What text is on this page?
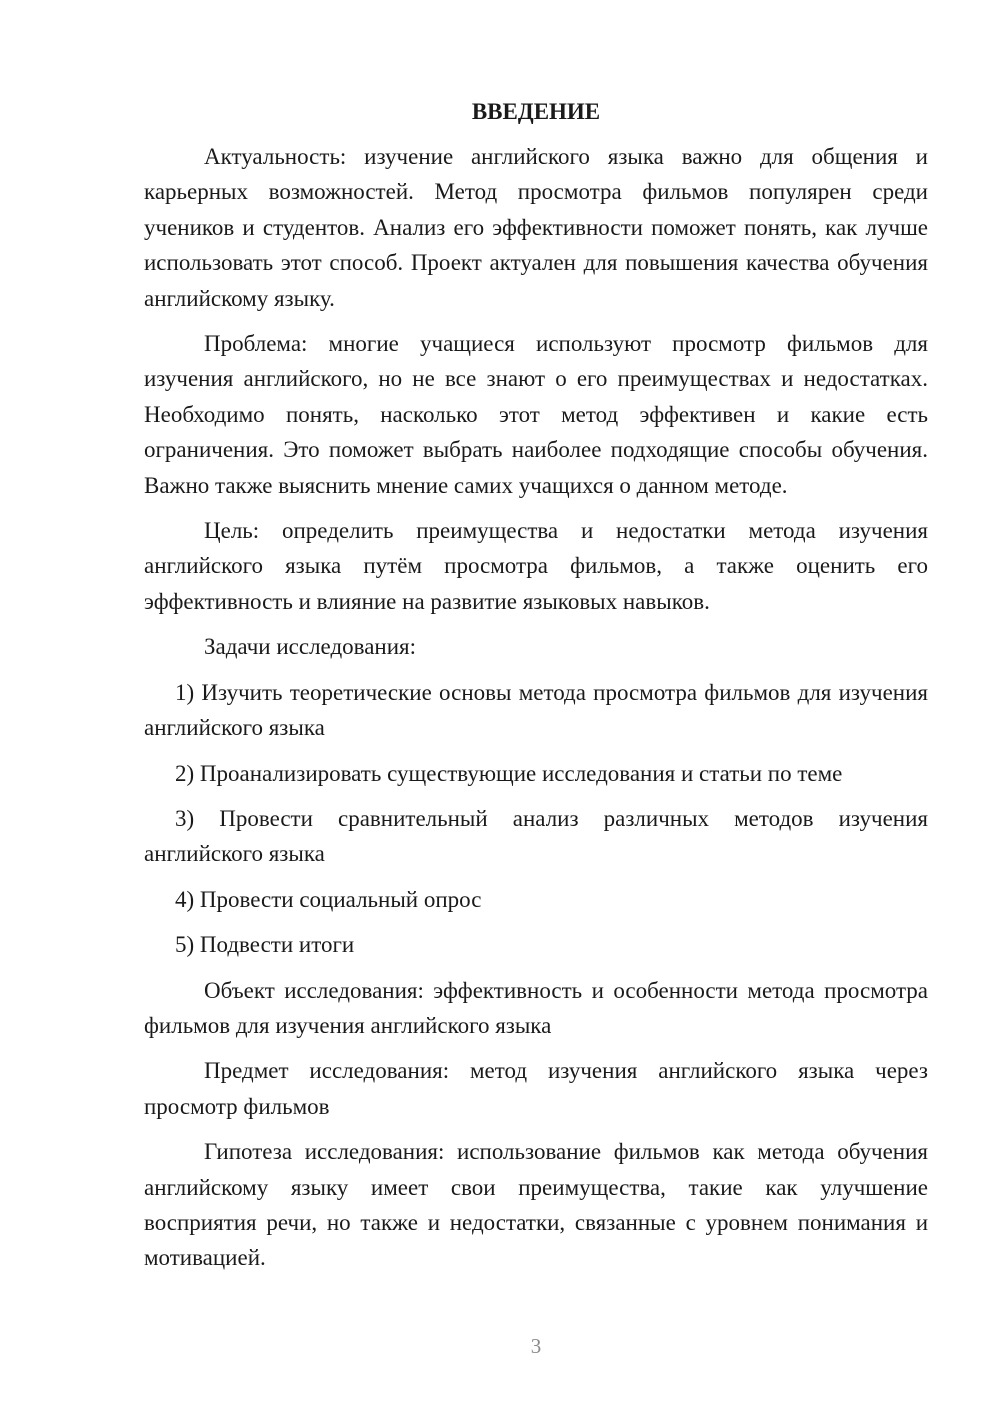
ВВЕДЕНИЕ

Актуальность: изучение английского языка важно для общения и карьерных возможностей. Метод просмотра фильмов популярен среди учеников и студентов. Анализ его эффективности поможет понять, как лучше использовать этот способ. Проект актуален для повышения качества обучения английскому языку.

Проблема: многие учащиеся используют просмотр фильмов для изучения английского, но не все знают о его преимуществах и недостатках. Необходимо понять, насколько этот метод эффективен и какие есть ограничения. Это поможет выбрать наиболее подходящие способы обучения. Важно также выяснить мнение самих учащихся о данном методе.

Цель: определить преимущества и недостатки метода изучения английского языка путём просмотра фильмов, а также оценить его эффективность и влияние на развитие языковых навыков.

Задачи исследования:

1) Изучить теоретические основы метода просмотра фильмов для изучения английского языка

2) Проанализировать существующие исследования и статьи по теме

3) Провести сравнительный анализ различных методов изучения английского языка

4) Провести социальный опрос

5) Подвести итоги

Объект исследования: эффективность и особенности метода просмотра фильмов для изучения английского языка

Предмет исследования: метод изучения английского языка через просмотр фильмов

Гипотеза исследования: использование фильмов как метода обучения английскому языку имеет свои преимущества, такие как улучшение восприятия речи, но также и недостатки, связанные с уровнем понимания и мотивацией.

3
